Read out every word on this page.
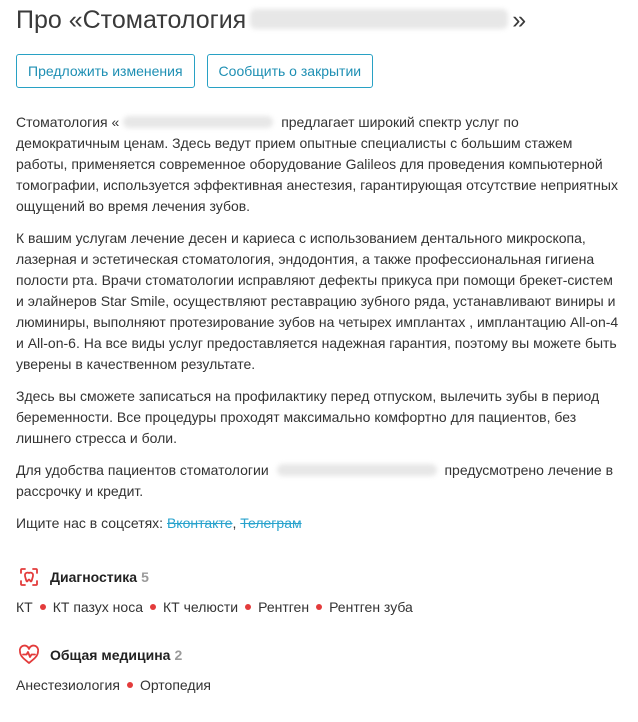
Про «Стоматология	»
Предложить изменения	Сообщить о закрытии

Стоматология «	предлагает широкий спектр услуг по демократичным ценам. Здесь ведут прием опытные специалисты с большим стажем работы, применяется современное оборудование Galileos для проведения компьютерной томографии, используется эффективная анестезия, гарантирующая отсутствие неприятных ощущений во время лечения зубов.

К вашим услугам лечение десен и кариеса с использованием дентального микроскопа, лазерная и эстетическая стоматология, эндодонтия, а также профессиональная гигиена полости рта. Врачи стоматологии исправляют дефекты прикуса при помощи брекет-систем и элайнеров Star Smile, осуществляют реставрацию зубного ряда, устанавливают виниры и люминиры, выполняют протезирование зубов на четырех имплантах , имплантацию All-on-4 и All-on-6. На все виды услуг предоставляется надежная гарантия, поэтому вы можете быть уверены в качественном результате.

Здесь вы сможете записаться на профилактику перед отпуском, вылечить зубы в период беременности. Все процедуры проходят максимально комфортно для пациентов, без лишнего стресса и боли.

Для удобства пациентов стоматологии	предусмотрено лечение в рассрочку и кредит.

Ищите нас в соцсетях: Вконтакте, Телеграм

Диагностика 5
КТ КТ пазух носа КТ челюсти Рентген Рентген зуба
Общая медицина 2
Анестезиология Ортопедия
